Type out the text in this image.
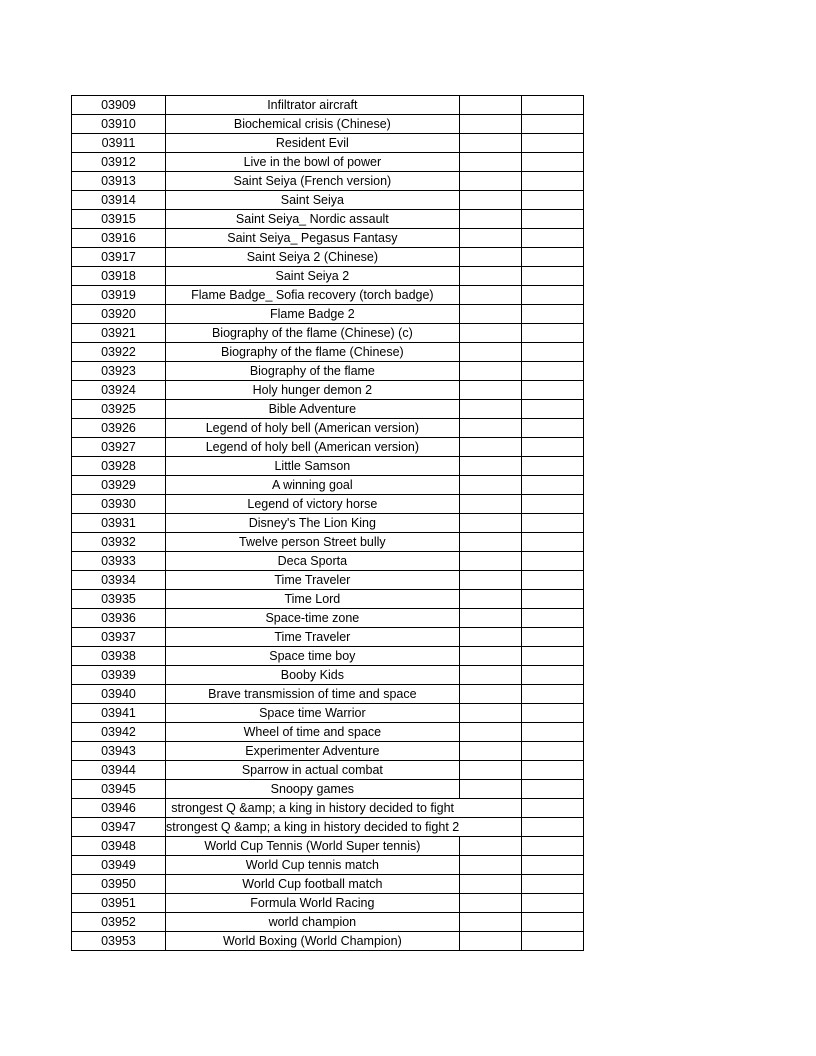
03909	Infiltrator aircraft		
03910	Biochemical crisis (Chinese)		
03911	Resident Evil		
03912	Live in the bowl of power		
03913	Saint Seiya (French version)		
03914	Saint Seiya		
03915	Saint Seiya_ Nordic assault		
03916	Saint Seiya_ Pegasus Fantasy		
03917	Saint Seiya 2 (Chinese)		
03918	Saint Seiya 2		
03919	Flame Badge_ Sofia recovery (torch badge)		
03920	Flame Badge 2		
03921	Biography of the flame (Chinese) (c)		
03922	Biography of the flame (Chinese)		
03923	Biography of the flame		
03924	Holy hunger demon 2		
03925	Bible Adventure		
03926	Legend of holy bell (American version)		
03927	Legend of holy bell (American version)		
03928	Little Samson		
03929	A winning goal		
03930	Legend of victory horse		
03931	Disney's The Lion King		
03932	Twelve person Street bully		
03933	Deca Sporta		
03934	Time Traveler		
03935	Time Lord		
03936	Space-time zone		
03937	Time Traveler		
03938	Space time boy		
03939	Booby Kids		
03940	Brave transmission of time and space		
03941	Space time Warrior		
03942	Wheel of time and space		
03943	Experimenter Adventure		
03944	Sparrow in actual combat		
03945	Snoopy games		
03946	strongest Q &amp; a king in history decided to fight		
03947	strongest Q &amp; a king in history decided to fight 2		
03948	World Cup Tennis (World Super tennis)		
03949	World Cup tennis match		
03950	World Cup football match		
03951	Formula World Racing		
03952	world champion		
03953	World Boxing (World Champion)		
